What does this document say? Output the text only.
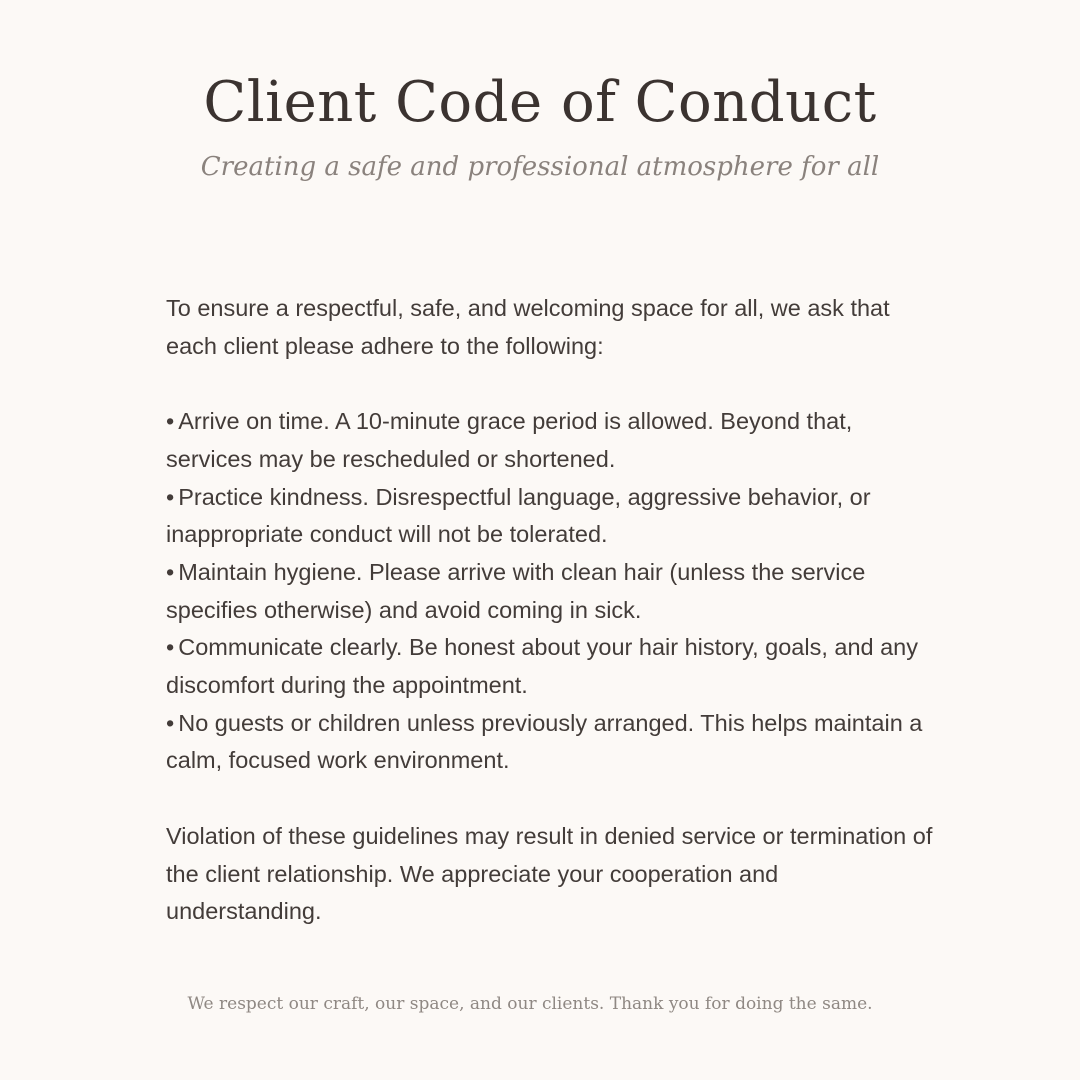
Client Code of Conduct

Creating a safe and professional atmosphere for all

To ensure a respectful, safe, and welcoming space for all, we ask that each client please adhere to the following:

• Arrive on time. A 10-minute grace period is allowed. Beyond that, services may be rescheduled or shortened.
• Practice kindness. Disrespectful language, aggressive behavior, or inappropriate conduct will not be tolerated.
• Maintain hygiene. Please arrive with clean hair (unless the service specifies otherwise) and avoid coming in sick.
• Communicate clearly. Be honest about your hair history, goals, and any discomfort during the appointment.
• No guests or children unless previously arranged. This helps maintain a calm, focused work environment.

Violation of these guidelines may result in denied service or termination of the client relationship. We appreciate your cooperation and understanding.

We respect our craft, our space, and our clients. Thank you for doing the same.
